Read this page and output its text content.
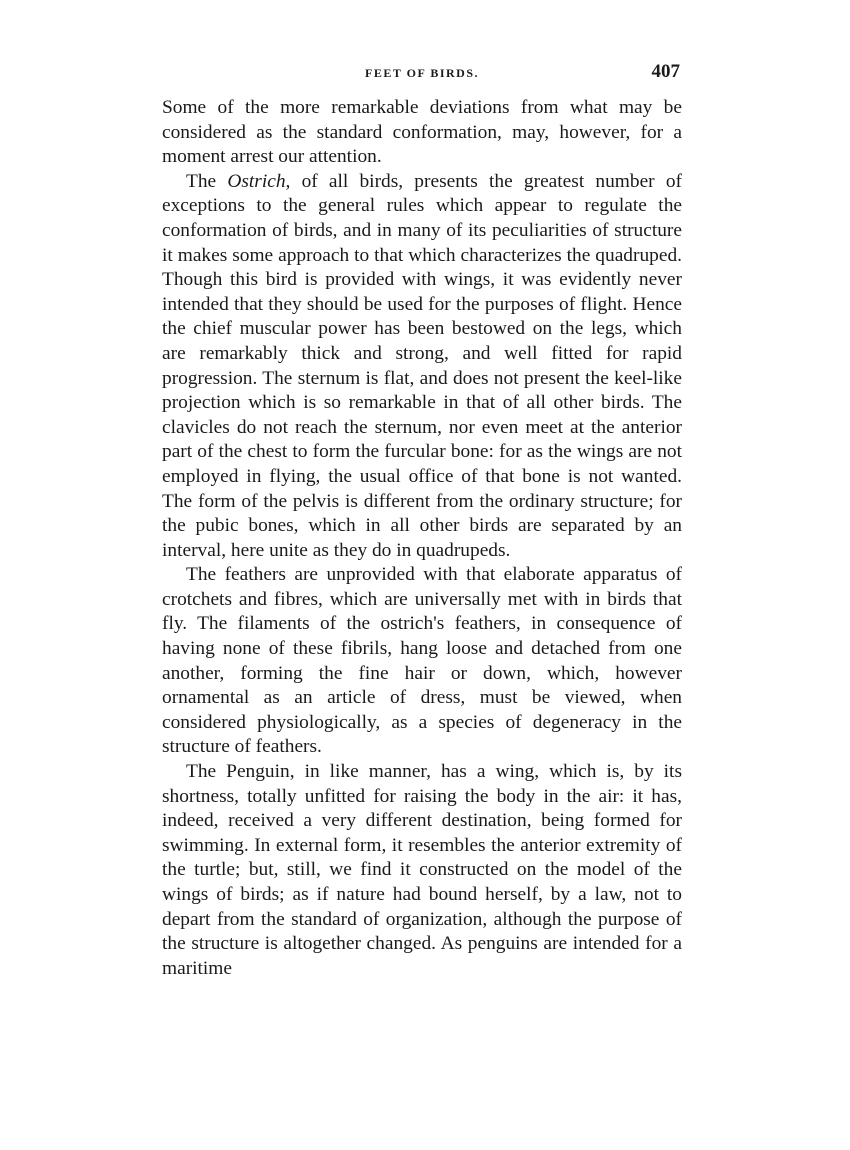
FEET OF BIRDS.	407

Some of the more remarkable deviations from what may be considered as the standard conformation, may, however, for a moment arrest our attention.

The Ostrich, of all birds, presents the greatest number of exceptions to the general rules which appear to regulate the conformation of birds, and in many of its peculiarities of structure it makes some approach to that which characterizes the quadruped. Though this bird is provided with wings, it was evidently never intended that they should be used for the purposes of flight. Hence the chief muscular power has been bestowed on the legs, which are remarkably thick and strong, and well fitted for rapid progression. The sternum is flat, and does not present the keel-like projection which is so remarkable in that of all other birds. The clavicles do not reach the sternum, nor even meet at the anterior part of the chest to form the furcular bone: for as the wings are not employed in flying, the usual office of that bone is not wanted. The form of the pelvis is different from the ordinary structure; for the pubic bones, which in all other birds are separated by an interval, here unite as they do in quadrupeds.

The feathers are unprovided with that elaborate apparatus of crotchets and fibres, which are universally met with in birds that fly. The filaments of the ostrich's feathers, in consequence of having none of these fibrils, hang loose and detached from one another, forming the fine hair or down, which, however ornamental as an article of dress, must be viewed, when considered physiologically, as a species of degeneracy in the structure of feathers.

The Penguin, in like manner, has a wing, which is, by its shortness, totally unfitted for raising the body in the air: it has, indeed, received a very different destination, being formed for swimming. In external form, it resembles the anterior extremity of the turtle; but, still, we find it constructed on the model of the wings of birds; as if nature had bound herself, by a law, not to depart from the standard of organization, although the purpose of the structure is altogether changed. As penguins are intended for a maritime
